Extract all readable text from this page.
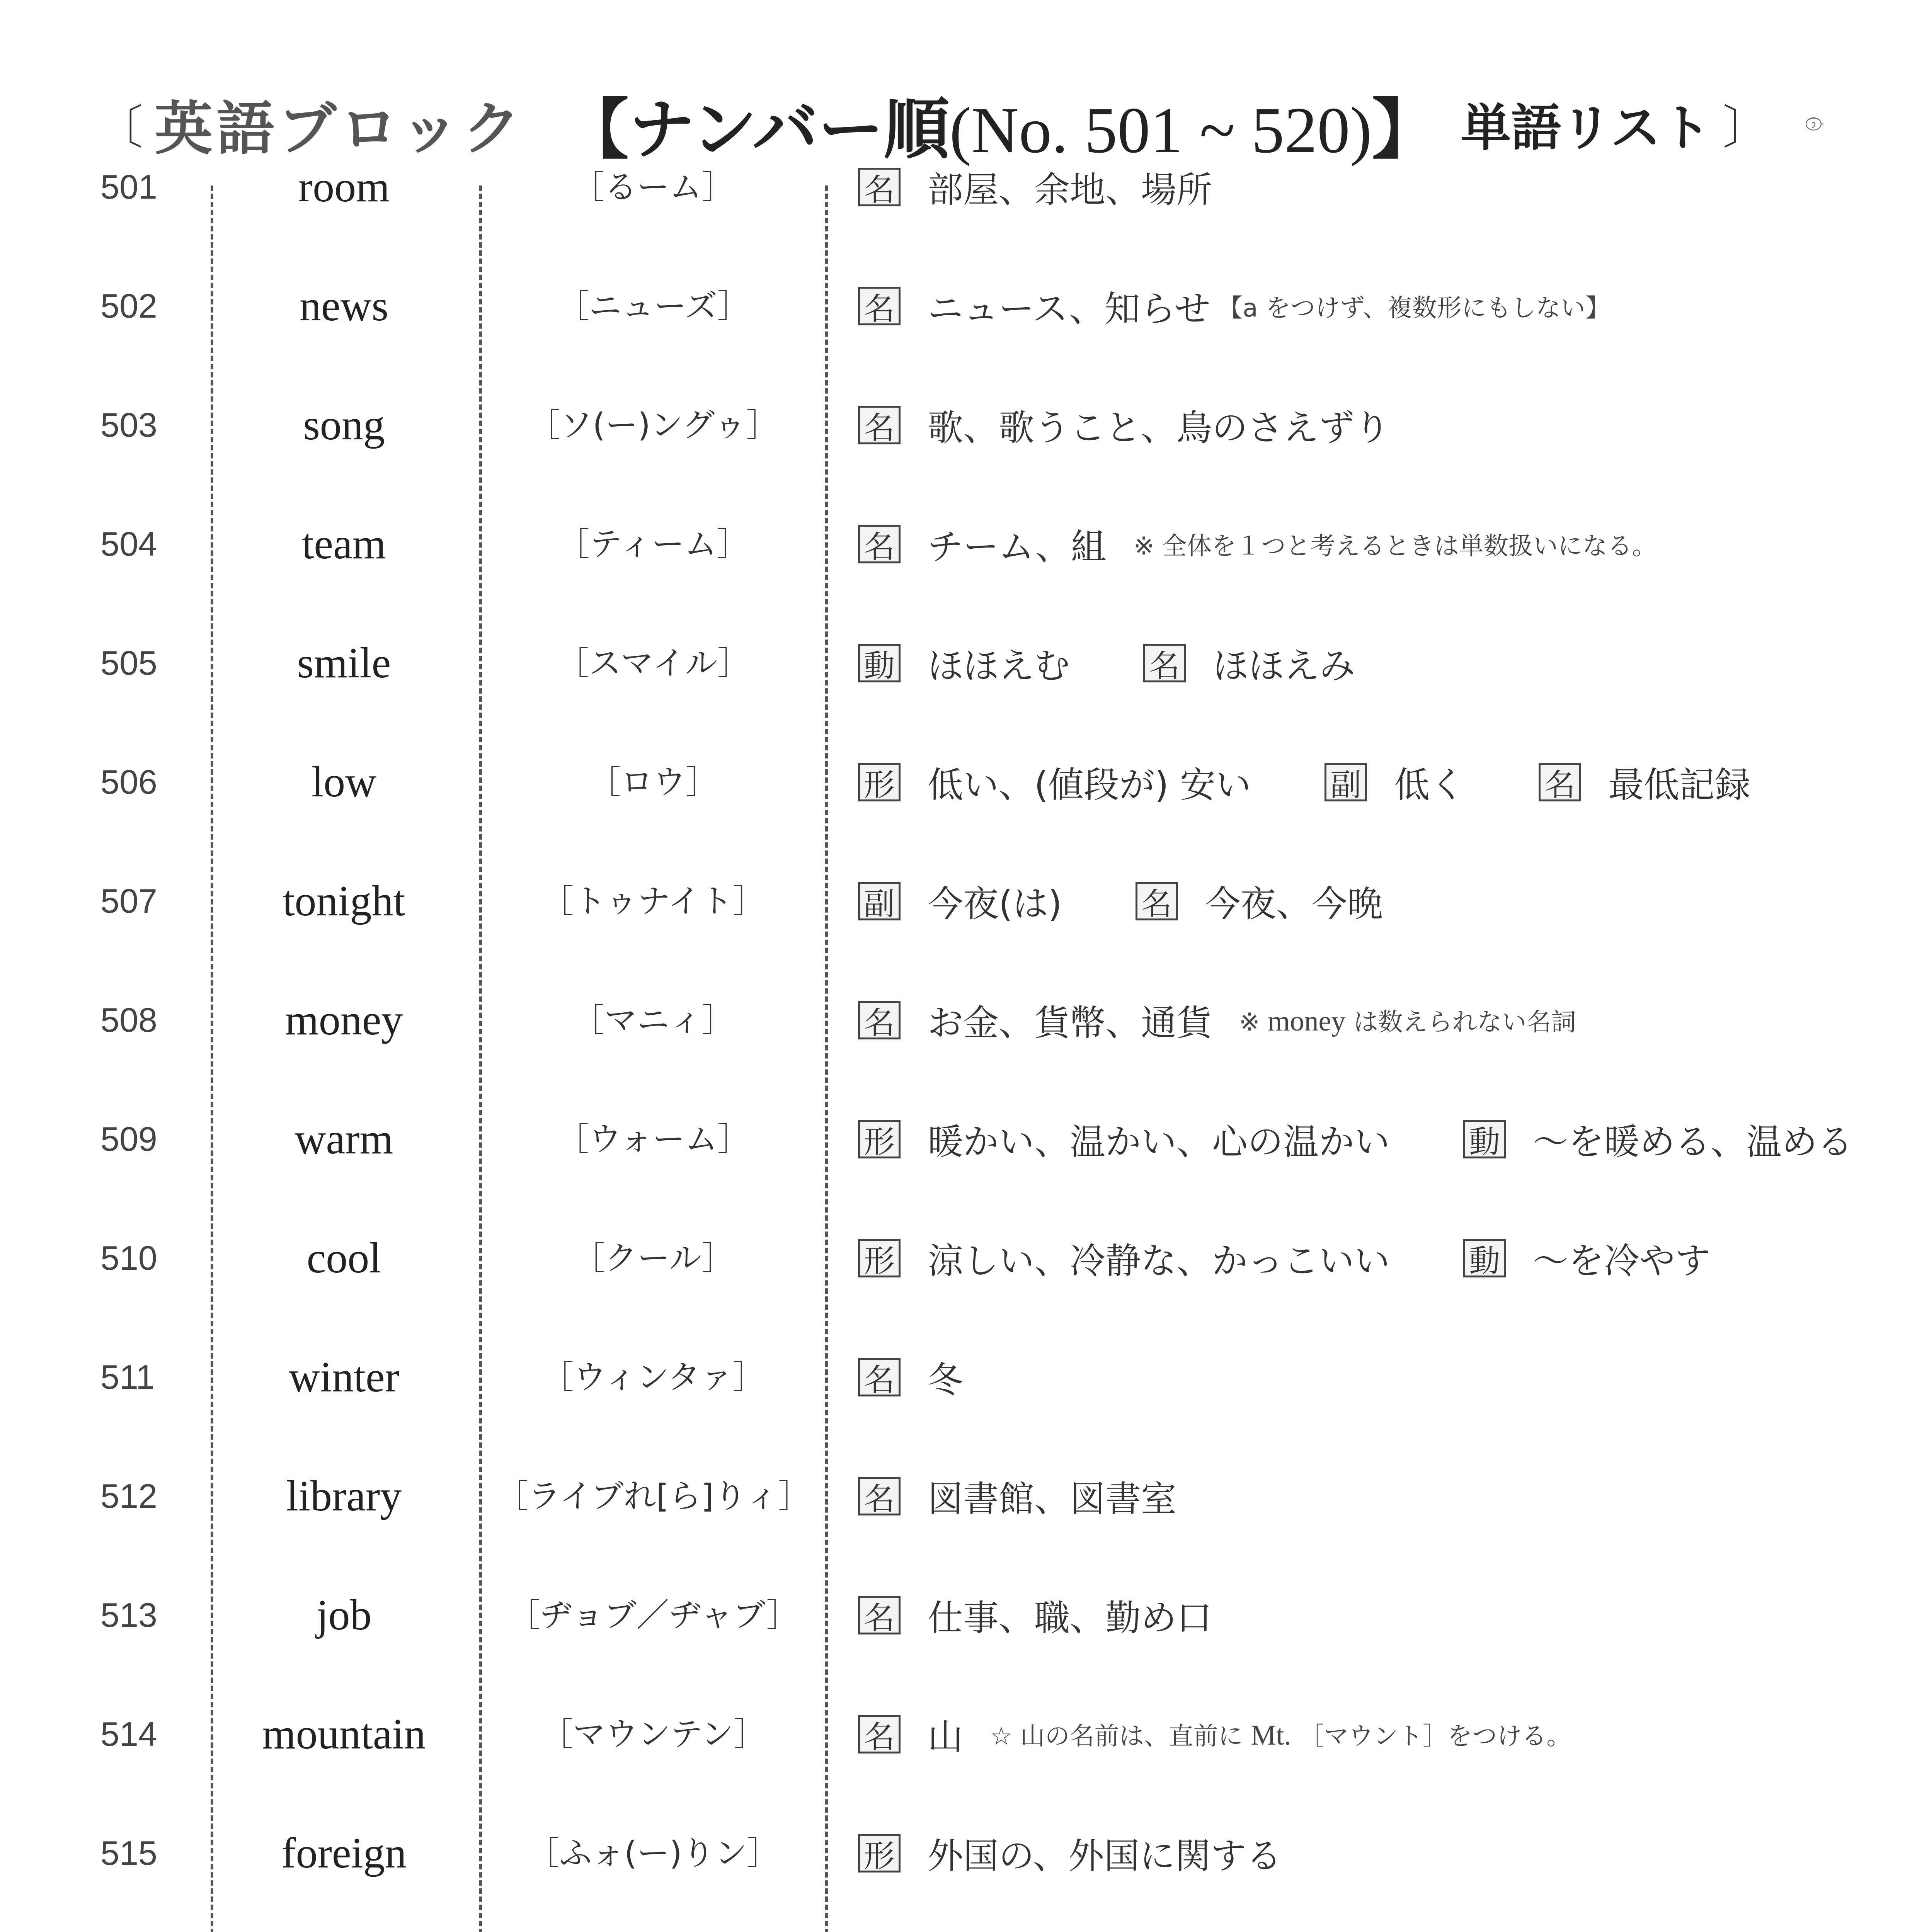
〔 英語ブロック 【ナンバー順(No. 501 ~ 520)】 単語リスト 〕
501	room	［るーム］	名 部屋、余地、場所
502	news	［ニューズ］	名 ニュース、知らせ 【a をつけず、複数形にもしない】
503	song	［ソ(ー)ングゥ］	名 歌、歌うこと、鳥のさえずり
504	team	［ティーム］	名 チーム、組 ※ 全体を１つと考えるときは単数扱いになる。
505	smile	［スマイル］	動 ほほえむ	名 ほほえみ
506	low	［ロウ］	形 低い、(値段が) 安い	副 低く	名 最低記録
507	tonight	［トゥナイト］	副 今夜(は)	名 今夜、今晩
508	money	［マニィ］	名 お金、貨幣、通貨 ※ money は数えられない名詞
509	warm	［ウォーム］	形 暖かい、温かい、心の温かい	動 ～を暖める、温める
510	cool	［クール］	形 涼しい、冷静な、かっこいい	動 ～を冷やす
511	winter	［ウィンタァ］	名 冬
512	library	［ライブれ[ら]りィ］	名 図書館、図書室
513	job	［ヂョブ／ヂャブ］	名 仕事、職、勤め口
514	mountain	［マウンテン］	名 山 ☆ 山の名前は、直前に Mt. ［マウント］をつける。
515	foreign	［ふォ(ー)りン］	形 外国の、外国に関する
